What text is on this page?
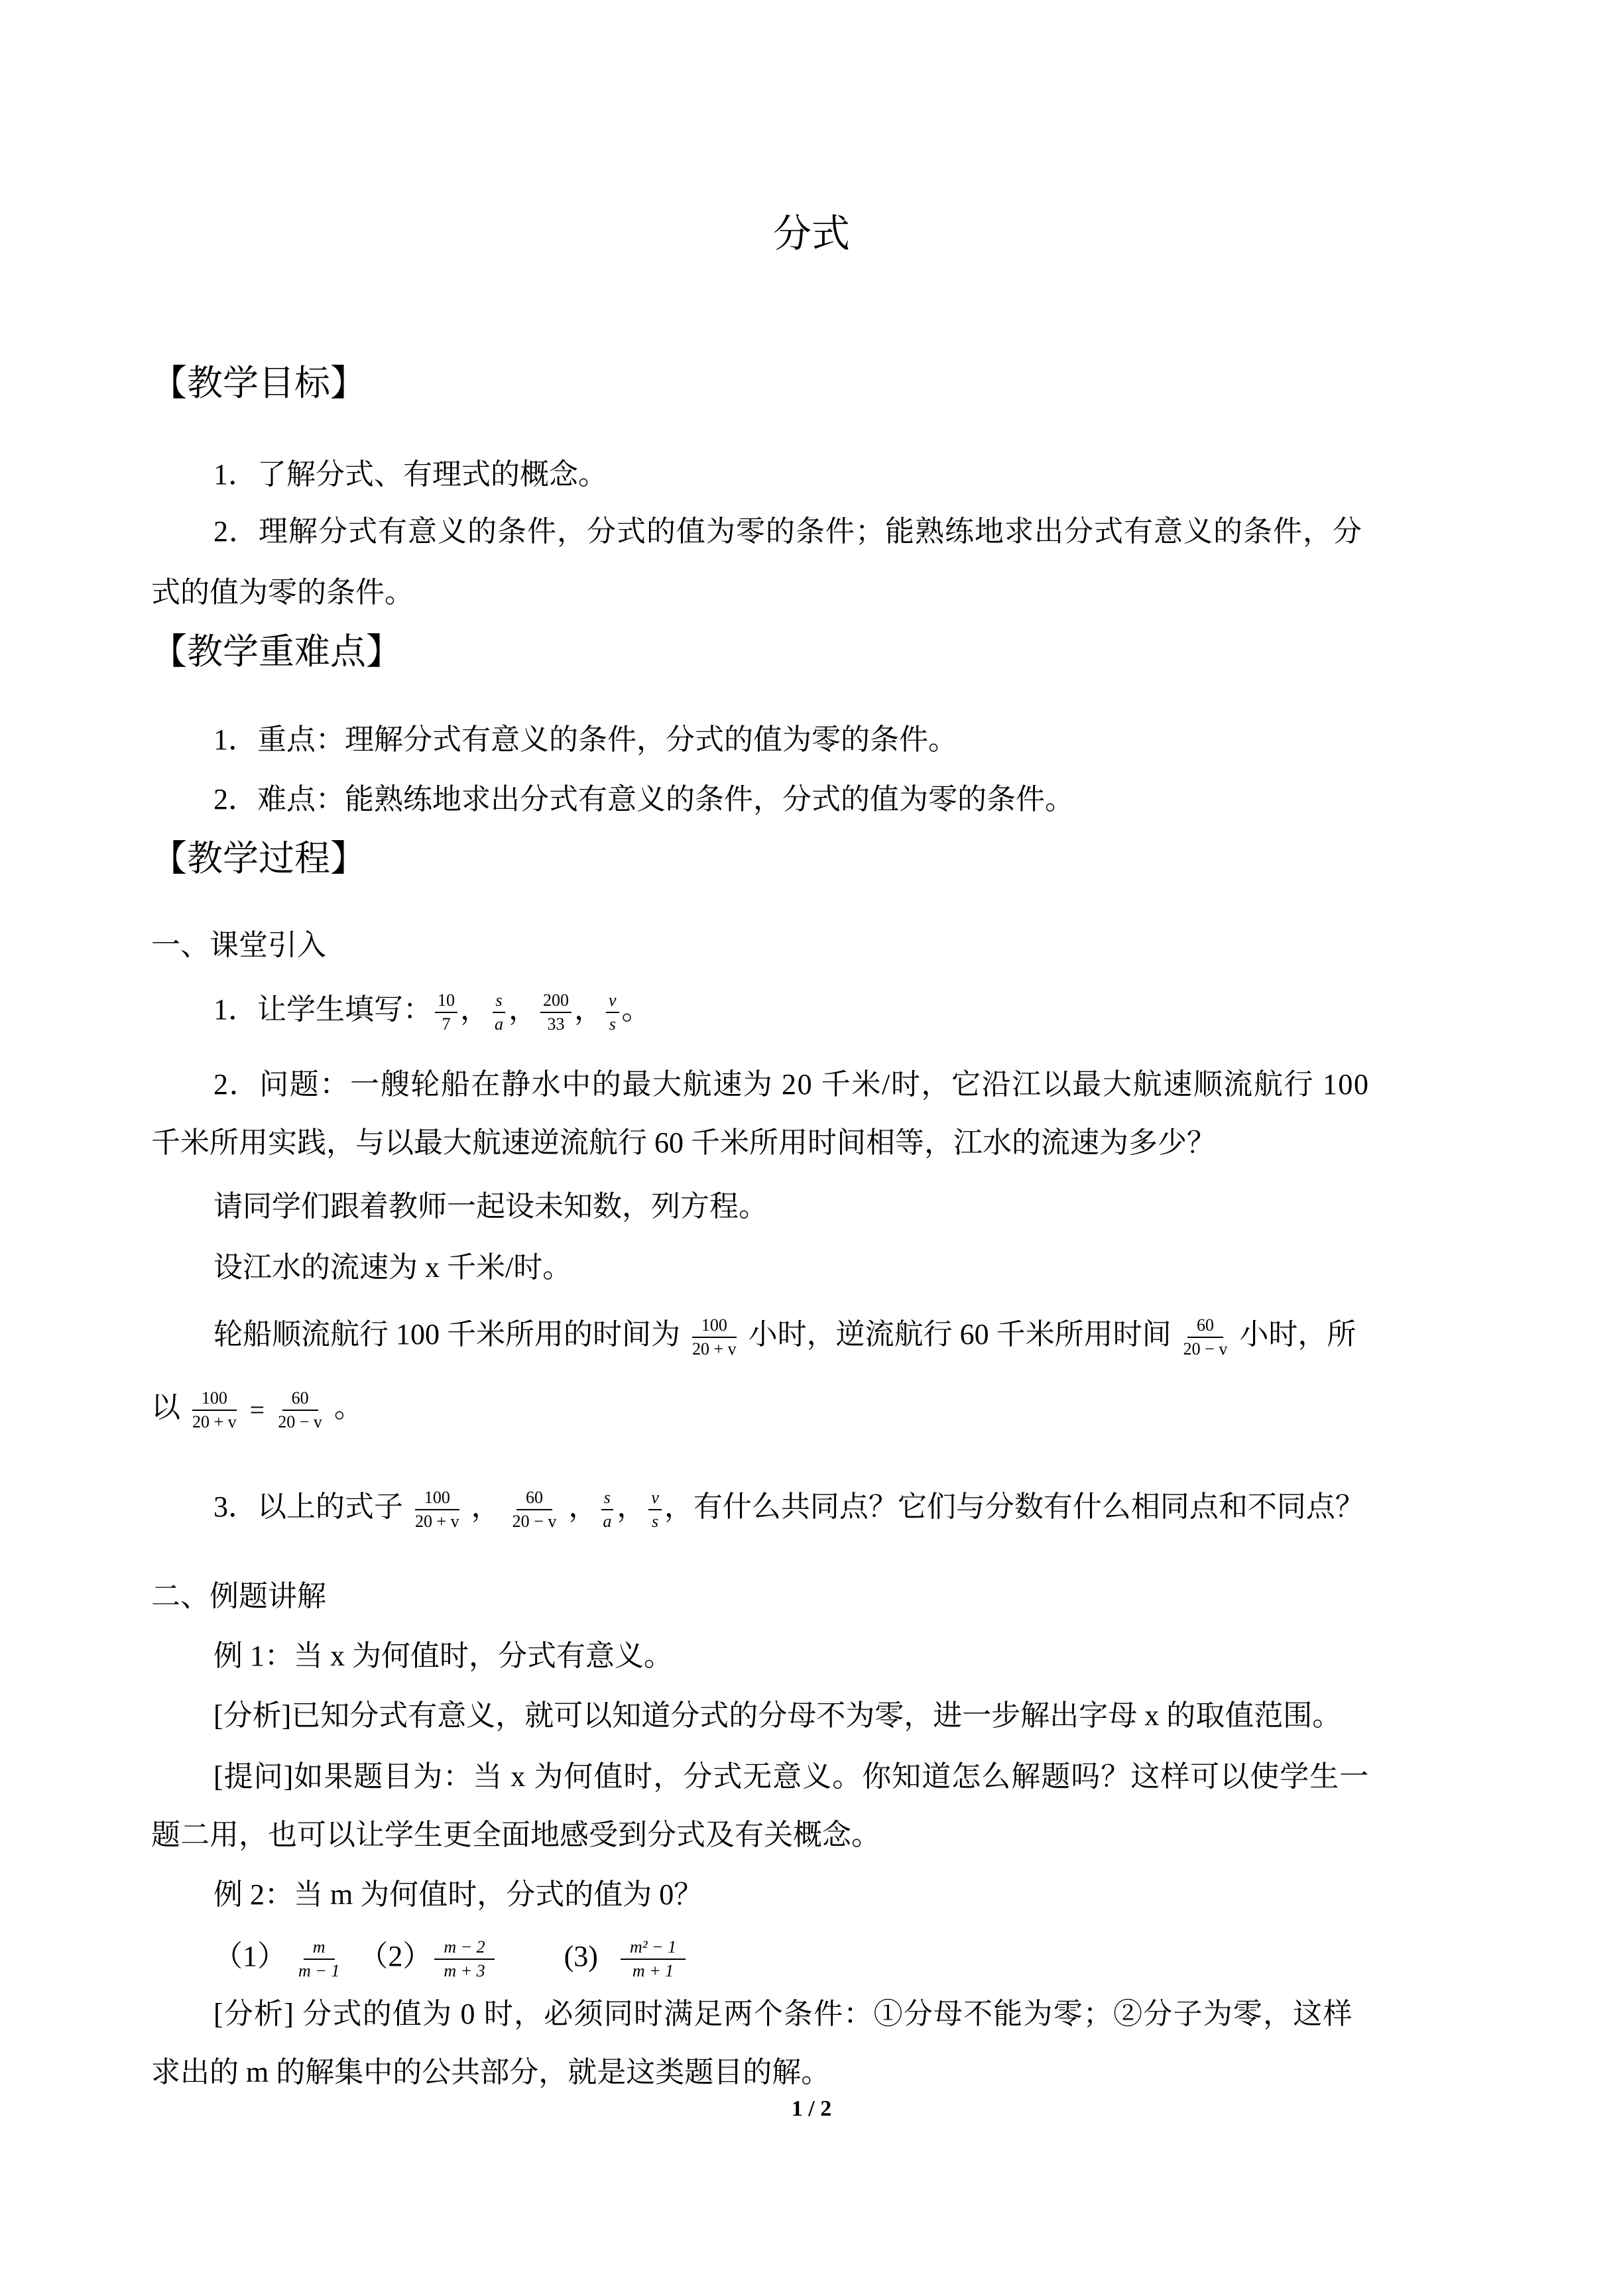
分式
【教学目标】
1．了解分式、有理式的概念。
2．理解分式有意义的条件，分式的值为零的条件；能熟练地求出分式有意义的条件，分
式的值为零的条件。
【教学重难点】
1．重点：理解分式有意义的条件，分式的值为零的条件。
2．难点：能熟练地求出分式有意义的条件，分式的值为零的条件。
【教学过程】
一、课堂引入
1．让学生填写： $\frac{10}{7}$ ， $\frac{s}{a}$ ， $\frac{200}{33}$ ， $\frac{v}{s}$ 。
2．问题：一艘轮船在静水中的最大航速为 20 千米/时，它沿江以最大航速顺流航行 100
千米所用实践，与以最大航速逆流航行 60 千米所用时间相等，江水的流速为多少？
请同学们跟着教师一起设未知数，列方程。
设江水的流速为 x 千米/时。
轮船顺流航行 100 千米所用的时间为 $\frac{100}{20 + v}$ 小时，逆流航行 60 千米所用时间 $\frac{60}{20 - v}$ 小时，所
以 $\frac{100}{20 + v} = \frac{60}{20 - v}$ 。
3．以上的式子 $\frac{100}{20 + v}$ ， $\frac{60}{20 - v}$ ， $\frac{s}{a}$ ， $\frac{v}{s}$ ，有什么共同点？它们与分数有什么相同点和不同点？
二、例题讲解
例 1：当 x 为何值时，分式有意义。
[分析]已知分式有意义，就可以知道分式的分母不为零，进一步解出字母 x 的取值范围。
[提问]如果题目为：当 x 为何值时，分式无意义。你知道怎么解题吗？这样可以使学生一
题二用，也可以让学生更全面地感受到分式及有关概念。
例 2：当 m 为何值时，分式的值为 0？
$(1) \frac{m}{m - 1} (2) \frac{m - 2}{m + 3} (3) \frac{\text{m² − 1}}{m + 1}$
[分析] 分式的值为 0 时，必须同时满足两个条件：①分母不能为零；②分子为零，这样
求出的 m 的解集中的公共部分，就是这类题目的解。
1 / 2
